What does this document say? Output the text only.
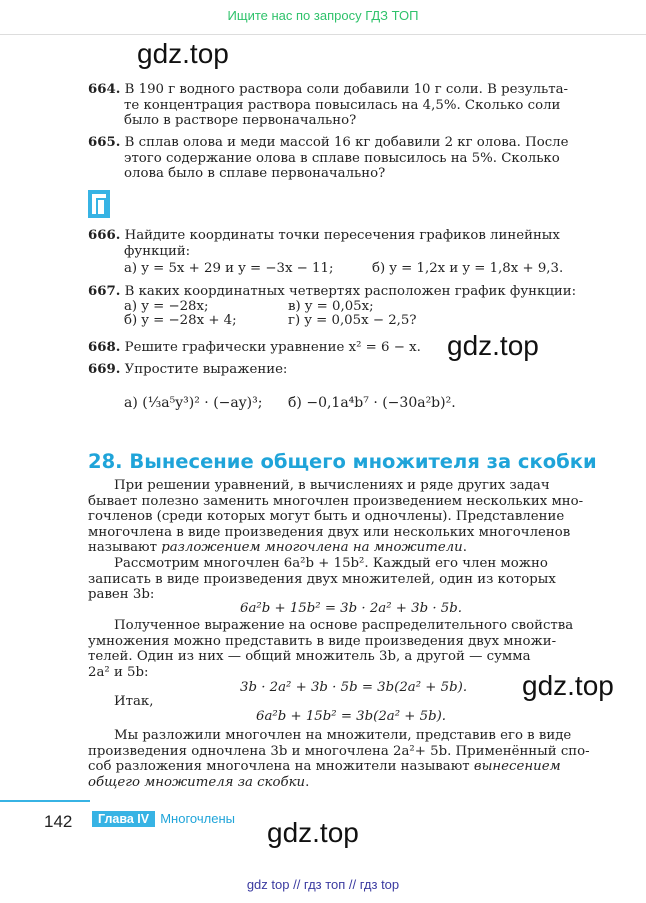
Ищите нас по запросу ГДЗ ТОП
gdz.top
664. В 190 г водного раствора соли добавили 10 г соли. В результа-
те концентрация раствора повысилась на 4,5%. Сколько соли
было в растворе первоначально?
665. В сплав олова и меди массой 16 кг добавили 2 кг олова. После
этого содержание олова в сплаве повысилось на 5%. Сколько
олова было в сплаве первоначально?
666. Найдите координаты точки пересечения графиков линейных
функций:
а) y = 5x + 29 и y = −3x − 11;	б) y = 1,2x и y = 1,8x + 9,3.
667. В каких координатных четвертях расположен график функции:
а) y = −28x;	в) y = 0,05x;
б) y = −28x + 4;	г) y = 0,05x − 2,5?
668. Решите графически уравнение x² = 6 − x. gdz.top
669. Упростите выражение:
а) (⅓a⁵y³)² · (−ay)³; б) −0,1a⁴b⁷ · (−30a²b)².
28. Вынесение общего множителя за скобки
При решении уравнений, в вычислениях и ряде других задач
бывает полезно заменить многочлен произведением нескольких мно-
гочленов (среди которых могут быть и одночлены). Представление
многочлена в виде произведения двух или нескольких многочленов
называют разложением многочлена на множители.
Рассмотрим многочлен 6a²b + 15b². Каждый его член можно
записать в виде произведения двух множителей, один из которых
равен 3b:
6a²b + 15b² = 3b · 2a² + 3b · 5b.
Полученное выражение на основе распределительного свойства
умножения можно представить в виде произведения двух множи-
телей. Один из них — общий множитель 3b, а другой — сумма
2a² и 5b:
3b · 2a² + 3b · 5b = 3b(2a² + 5b). gdz.top
Итак,
6a²b + 15b² = 3b(2a² + 5b).
Мы разложили многочлен на множители, представив его в виде
произведения одночлена 3b и многочлена 2a²+ 5b. Применённый спо-
соб разложения многочлена на множители называют вынесением
общего множителя за скобки.
142	Глава IV Многочлены gdz.top
gdz top // гдз топ // гдз top
